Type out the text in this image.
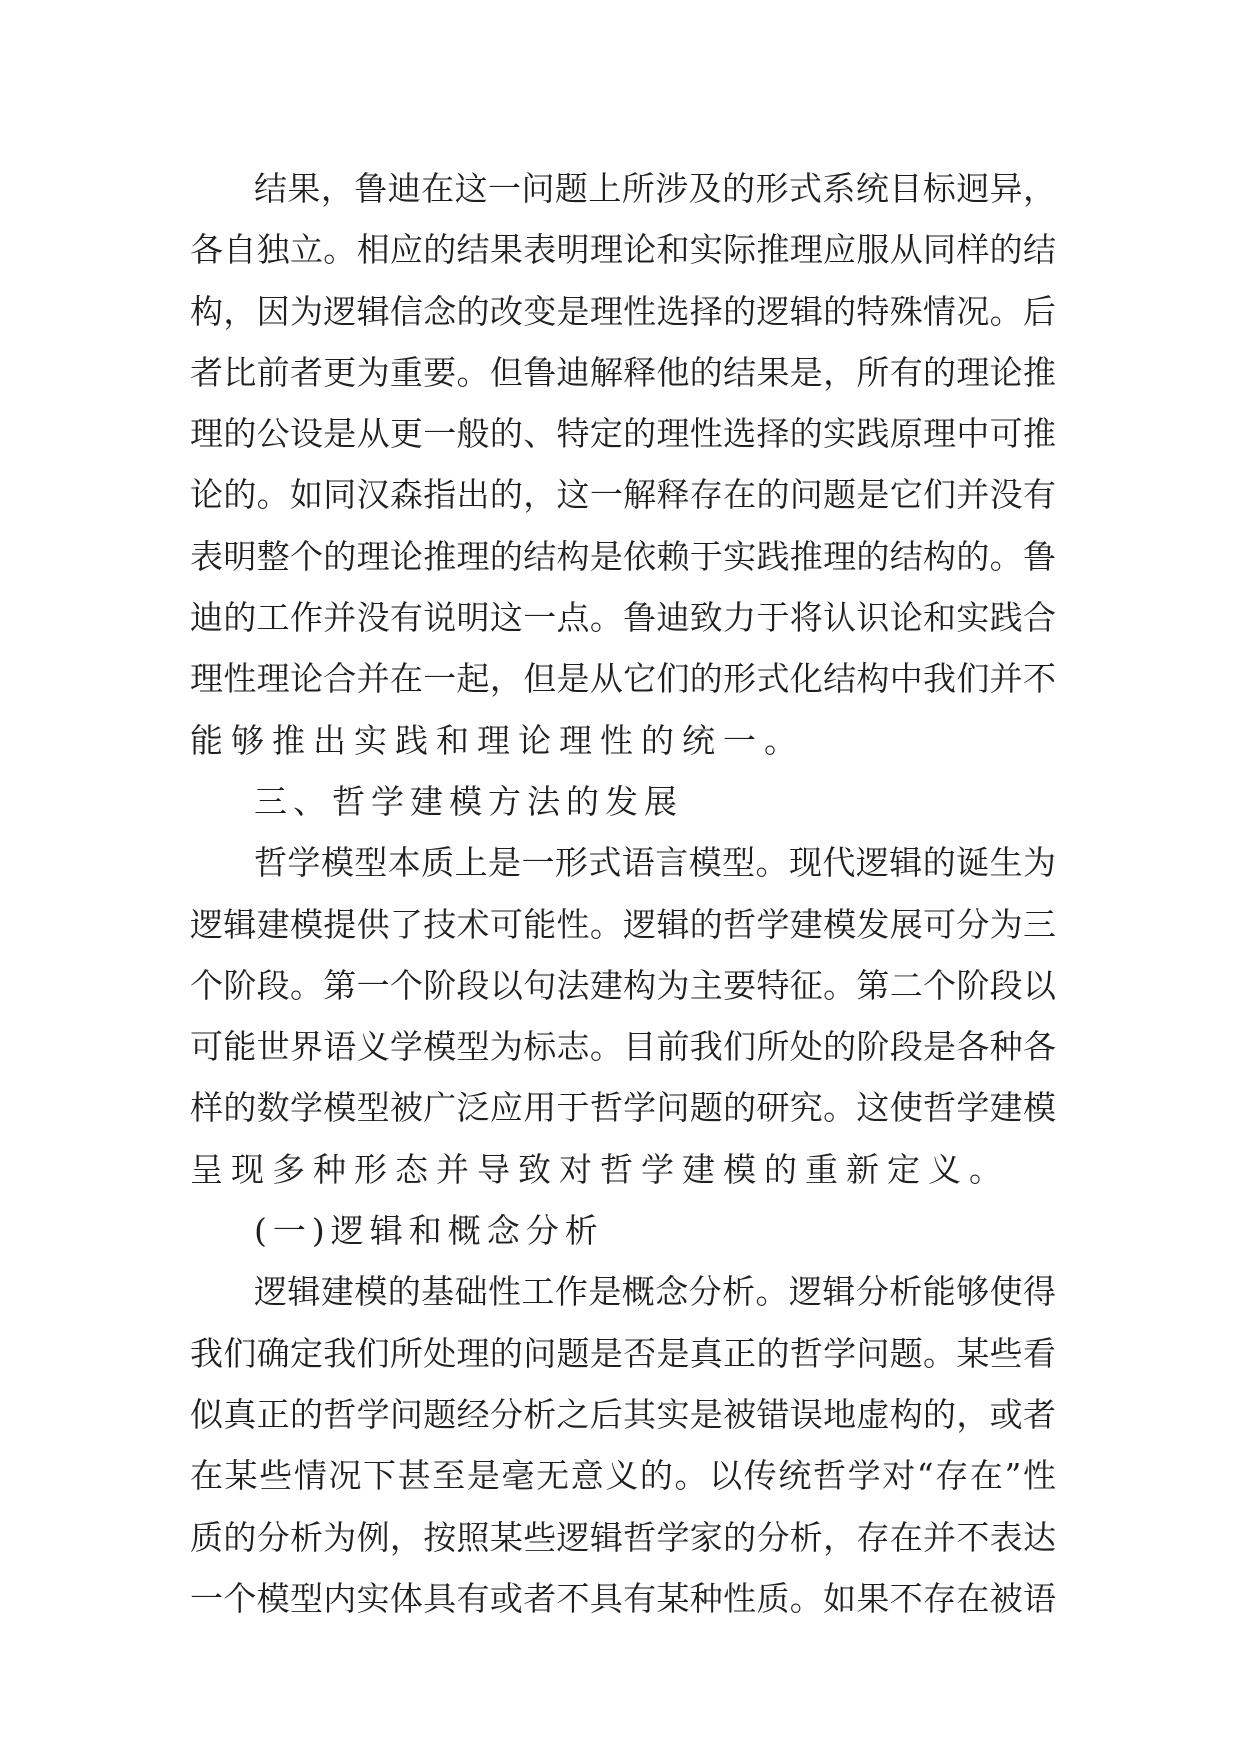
结果，鲁迪在这一问题上所涉及的形式系统目标迥异，
各自独立。相应的结果表明理论和实际推理应服从同样的结
构，因为逻辑信念的改变是理性选择的逻辑的特殊情况。后
者比前者更为重要。但鲁迪解释他的结果是，所有的理论推
理的公设是从更一般的、特定的理性选择的实践原理中可推
论的。如同汉森指出的，这一解释存在的问题是它们并没有
表明整个的理论推理的结构是依赖于实践推理的结构的。鲁
迪的工作并没有说明这一点。鲁迪致力于将认识论和实践合
理性理论合并在一起，但是从它们的形式化结构中我们并不
能够推出实践和理论理性的统一。
三、哲学建模方法的发展
哲学模型本质上是一形式语言模型。现代逻辑的诞生为
逻辑建模提供了技术可能性。逻辑的哲学建模发展可分为三
个阶段。第一个阶段以句法建构为主要特征。第二个阶段以
可能世界语义学模型为标志。目前我们所处的阶段是各种各
样的数学模型被广泛应用于哲学问题的研究。这使哲学建模
呈现多种形态并导致对哲学建模的重新定义。
(一)逻辑和概念分析
逻辑建模的基础性工作是概念分析。逻辑分析能够使得
我们确定我们所处理的问题是否是真正的哲学问题。某些看
似真正的哲学问题经分析之后其实是被错误地虚构的，或者
在某些情况下甚至是毫无意义的。以传统哲学对“存在”性
质的分析为例，按照某些逻辑哲学家的分析，存在并不表达
一个模型内实体具有或者不具有某种性质。如果不存在被语
